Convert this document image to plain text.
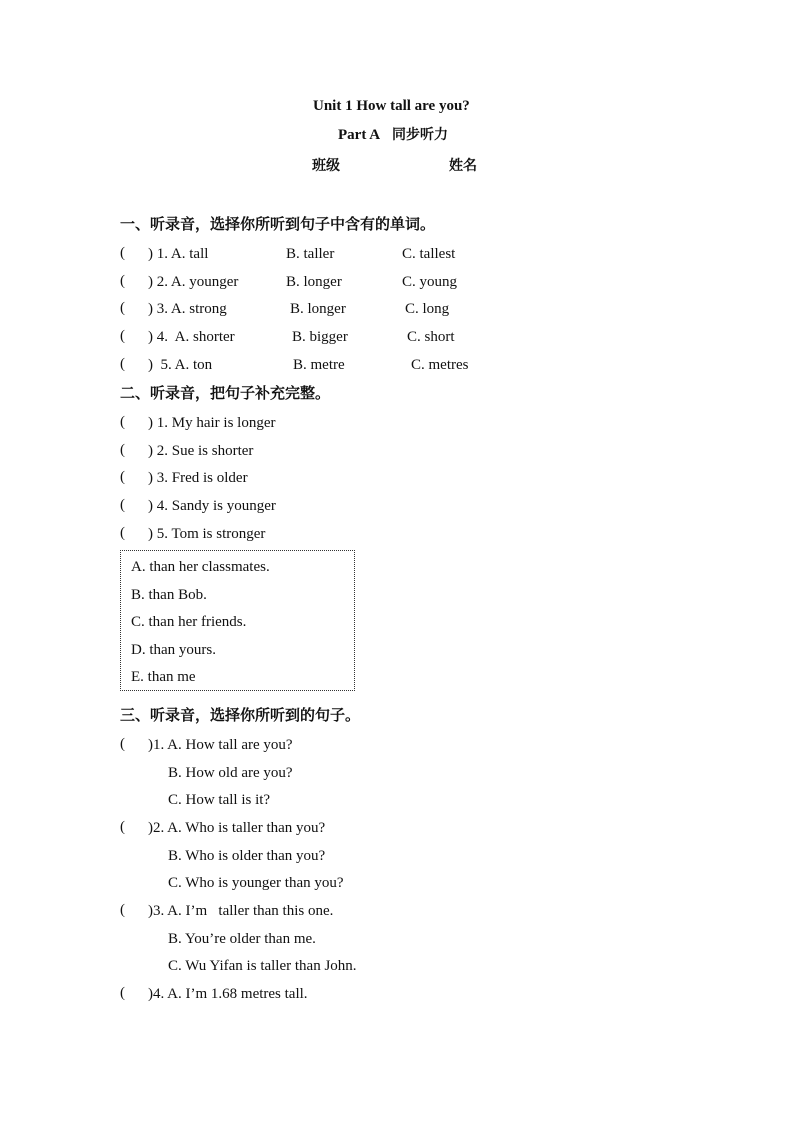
Unit 1 How tall are you?
Part A 同步听力
班级	姓名
一、听录音，选择你所听到句子中含有的单词。
( ) 1. A. tall	B. taller	C. tallest
( ) 2. A. younger	B. longer	C. young
( ) 3. A. strong	B. longer	C. long
( ) 4.  A. shorter	B. bigger	C. short
( )  5. A. ton	B. metre	C. metres
二、听录音，把句子补充完整。
( ) 1. My hair is longer
( ) 2. Sue is shorter
( ) 3. Fred is older
( ) 4. Sandy is younger
( ) 5. Tom is stronger
A. than her classmates.
B. than Bob.
C. than her friends.
D. than yours.
E. than me
三、听录音，选择你所听到的句子。
( )1. A. How tall are you?
B. How old are you?
C. How tall is it?
( )2. A. Who is taller than you?
B. Who is older than you?
C. Who is younger than you?
( )3. A. I’m   taller than this one.
B. You’re older than me.
C. Wu Yifan is taller than John.
( )4. A. I’m 1.68 metres tall.
